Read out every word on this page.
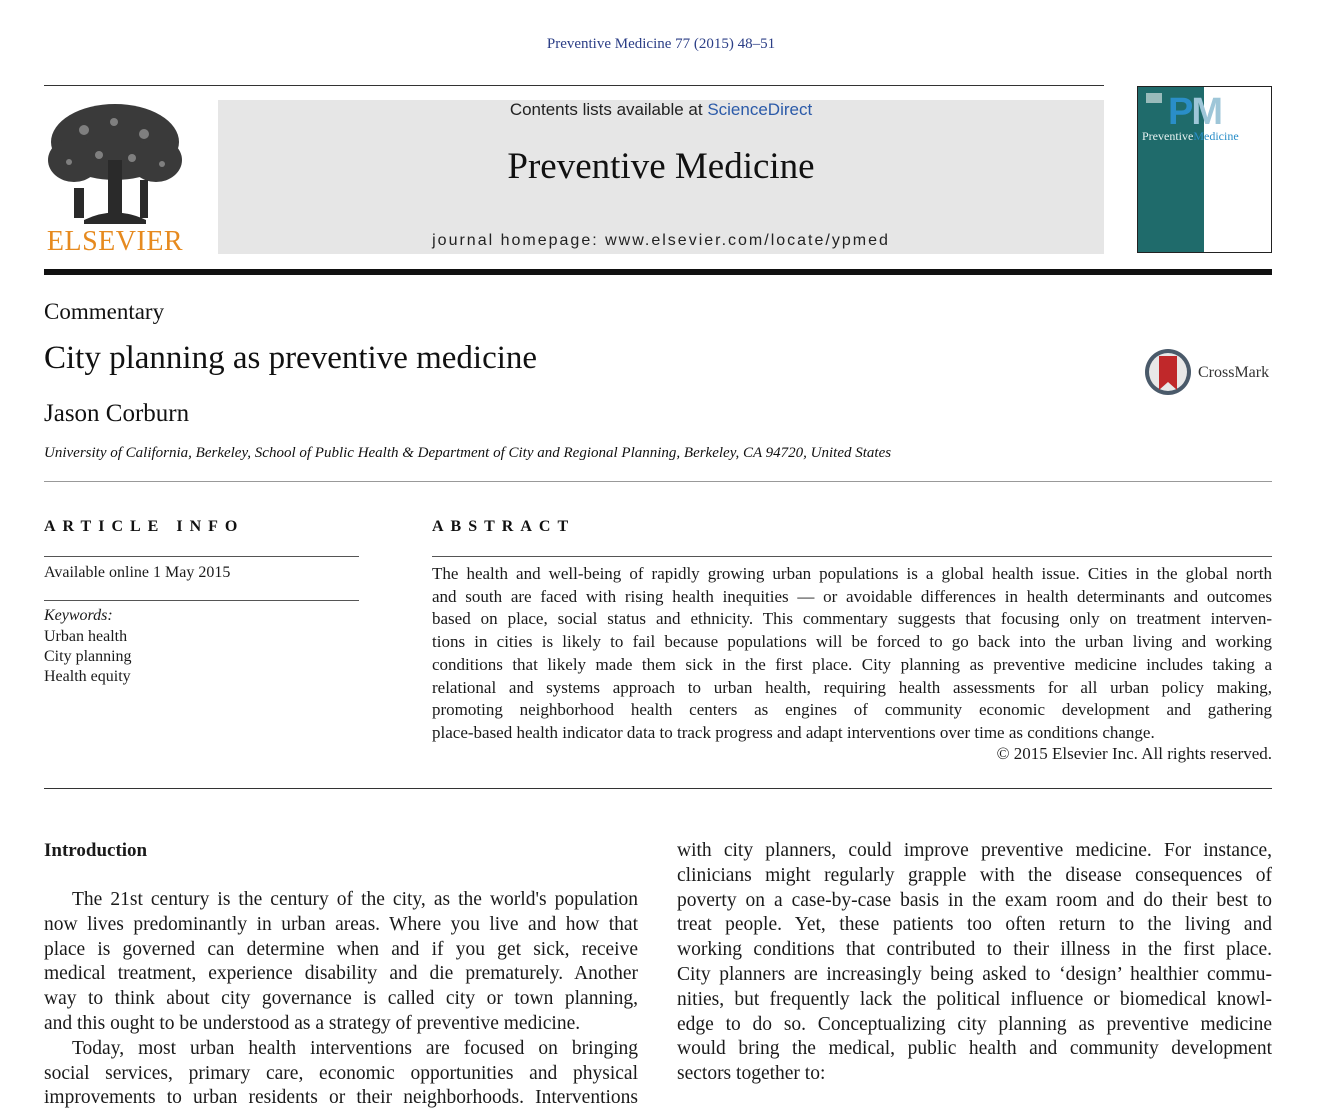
Preventive Medicine 77 (2015) 48–51
ELSEVIER
Contents lists available at ScienceDirect
Preventive Medicine
journal homepage: www.elsevier.com/locate/ypmed
PM
PreventiveMedicine
Commentary
City planning as preventive medicine	CrossMark
Jason Corburn
University of California, Berkeley, School of Public Health & Department of City and Regional Planning, Berkeley, CA 94720, United States
ARTICLE INFO	ABSTRACT
Available online 1 May 2015
Keywords:
Urban health
City planning
Health equity
The health and well-being of rapidly growing urban populations is a global health issue. Cities in the global north
and south are faced with rising health inequities — or avoidable differences in health determinants and outcomes
based on place, social status and ethnicity. This commentary suggests that focusing only on treatment interven-
tions in cities is likely to fail because populations will be forced to go back into the urban living and working
conditions that likely made them sick in the first place. City planning as preventive medicine includes taking a
relational and systems approach to urban health, requiring health assessments for all urban policy making,
promoting neighborhood health centers as engines of community economic development and gathering
place-based health indicator data to track progress and adapt interventions over time as conditions change.
© 2015 Elsevier Inc. All rights reserved.
Introduction
The 21st century is the century of the city, as the world's population
now lives predominantly in urban areas. Where you live and how that
place is governed can determine when and if you get sick, receive
medical treatment, experience disability and die prematurely. Another
way to think about city governance is called city or town planning,
and this ought to be understood as a strategy of preventive medicine.
Today, most urban health interventions are focused on bringing
social services, primary care, economic opportunities and physical
improvements to urban residents or their neighborhoods. Interventions
with city planners, could improve preventive medicine. For instance,
clinicians might regularly grapple with the disease consequences of
poverty on a case-by-case basis in the exam room and do their best to
treat people. Yet, these patients too often return to the living and
working conditions that contributed to their illness in the first place.
City planners are increasingly being asked to ‘design’ healthier commu-
nities, but frequently lack the political influence or biomedical knowl-
edge to do so. Conceptualizing city planning as preventive medicine
would bring the medical, public health and community development
sectors together to:
